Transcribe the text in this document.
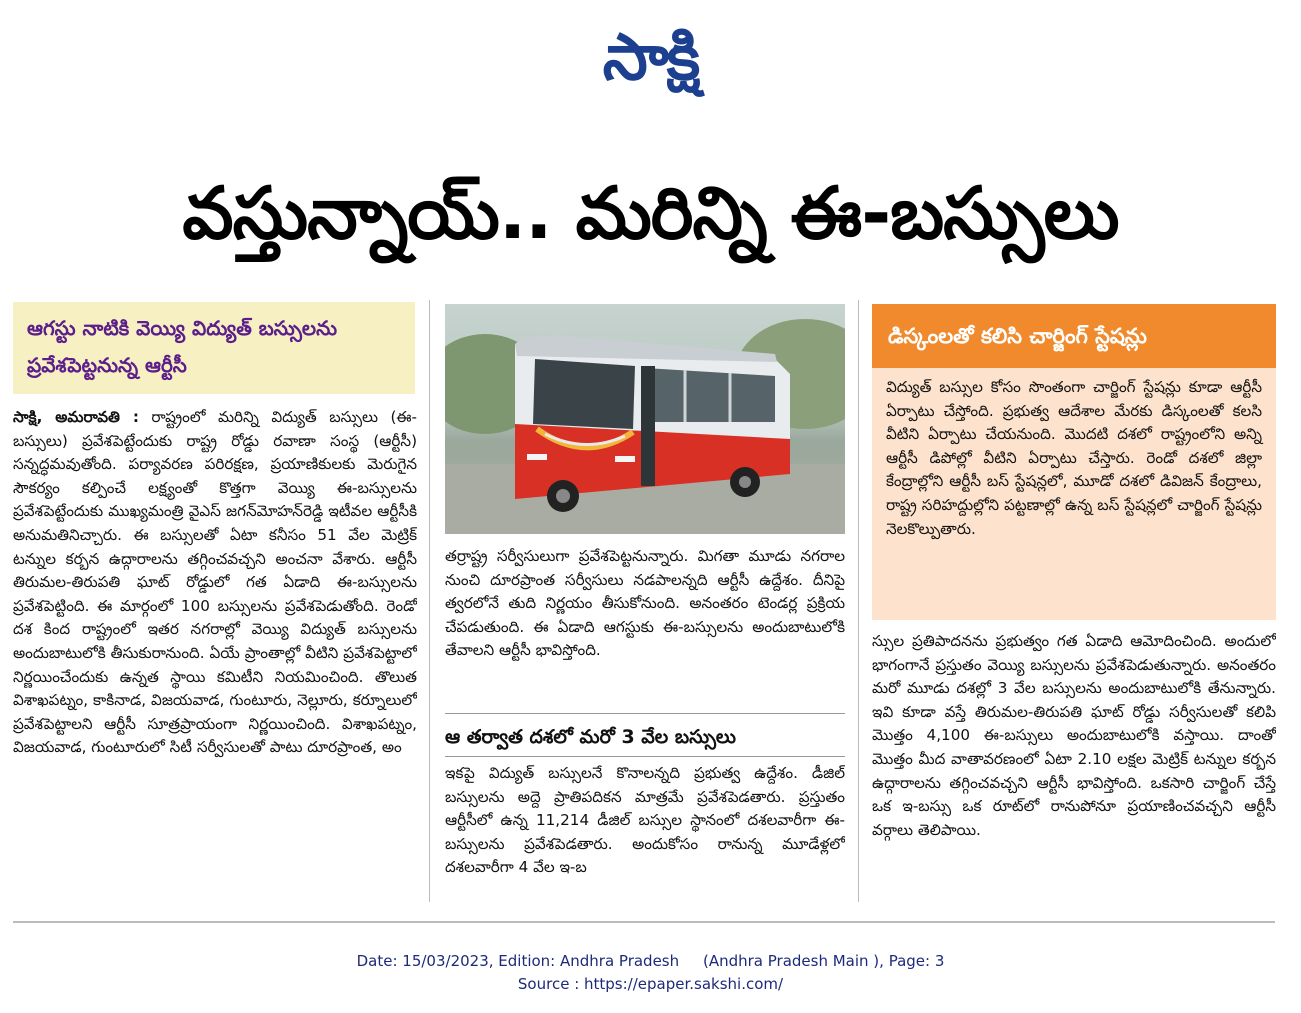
సాక్షి
వస్తున్నాయ్.. మరిన్ని ఈ-బస్సులు
ఆగస్టు నాటికి వెయ్యి విద్యుత్ బస్సులను
ప్రవేశపెట్టనున్న ఆర్టీసీ

సాక్షి, అమరావతి : రాష్ట్రంలో మరిన్ని విద్యుత్ బస్సులు (ఈ-బస్సులు) ప్రవేశపెట్టేందుకు రాష్ట్ర రోడ్డు రవాణా సంస్థ (ఆర్టీసీ) సన్నద్ధమవుతోంది. పర్యావరణ పరిరక్షణ, ప్రయాణికులకు మెరుగైన సౌకర్యం కల్పించే లక్ష్యంతో కొత్తగా వెయ్యి ఈ-బస్సులను ప్రవేశపెట్టేందుకు ముఖ్యమంత్రి వైఎస్ జగన్‌మోహన్‌రెడ్డి ఇటీవల ఆర్టీసీకి అనుమతినిచ్చారు. ఈ బస్సులతో ఏటా కనీసం 51 వేల మెట్రిక్ టన్నుల కర్బన ఉద్గారాలను తగ్గించవచ్చని అంచనా వేశారు. ఆర్టీసీ తిరుమల-తిరుపతి ఘాట్ రోడ్డులో గత ఏడాది ఈ-బస్సులను ప్రవేశపెట్టింది. ఈ మార్గంలో 100 బస్సులను ప్రవేశపెడుతోంది. రెండో దశ కింద రాష్ట్రంలో ఇతర నగరాల్లో వెయ్యి విద్యుత్ బస్సులను అందుబాటులోకి తీసుకురానుంది. ఏయే ప్రాంతాల్లో వీటిని ప్రవేశపెట్టాలో నిర్ణయించేందుకు ఉన్నత స్థాయి కమిటీని నియమించింది. తొలుత విశాఖపట్నం, కాకినాడ, విజయవాడ, గుంటూరు, నెల్లూరు, కర్నూలులో ప్రవేశపెట్టాలని ఆర్టీసీ సూత్రప్రాయంగా నిర్ణయించింది. విశాఖపట్నం, విజయవాడ, గుంటూరులో సిటీ సర్వీసులతో పాటు దూరప్రాంత, అం

తర్రాష్ట్ర సర్వీసులుగా ప్రవేశపెట్టనున్నారు. మిగతా మూడు నగరాల నుంచి దూరప్రాంత సర్వీసులు నడపాలన్నది ఆర్టీసీ ఉద్దేశం. దీనిపై త్వరలోనే తుది నిర్ణయం తీసుకోనుంది. అనంతరం టెండర్ల ప్రక్రియ చేపడుతుంది. ఈ ఏడాది ఆగస్టుకు ఈ-బస్సులను అందుబాటులోకి తేవాలని ఆర్టీసీ భావిస్తోంది.

ఆ తర్వాత దశలో మరో 3 వేల బస్సులు

ఇకపై విద్యుత్ బస్సులనే కొనాలన్నది ప్రభుత్వ ఉద్దేశం. డీజిల్ బస్సులను అద్దె ప్రాతిపదికన మాత్రమే ప్రవేశపెడతారు. ప్రస్తుతం ఆర్టీసీలో ఉన్న 11,214 డీజిల్ బస్సుల స్థానంలో దశలవారీగా ఈ-బస్సులను ప్రవేశపెడతారు. అందుకోసం రానున్న మూడేళ్లలో దశలవారీగా 4 వేల ఇ-బ

డిస్కంలతో కలిసి చార్జింగ్ స్టేషన్లు

విద్యుత్ బస్సుల కోసం సొంతంగా చార్జింగ్ స్టేషన్లు కూడా ఆర్టీసీ ఏర్పాటు చేస్తోంది. ప్రభుత్వ ఆదేశాల మేరకు డిస్కంలతో కలసి వీటిని ఏర్పాటు చేయనుంది. మొదటి దశలో రాష్ట్రంలోని అన్ని ఆర్టీసీ డిపోల్లో వీటిని ఏర్పాటు చేస్తారు. రెండో దశలో జిల్లా కేంద్రాల్లోని ఆర్టీసీ బస్ స్టేషన్లలో, మూడో దశలో డివిజన్ కేంద్రాలు, రాష్ట్ర సరిహద్దుల్లోని పట్టణాల్లో ఉన్న బస్ స్టేషన్లలో చార్జింగ్ స్టేషన్లు నెలకొల్పుతారు.

స్సుల ప్రతిపాదనను ప్రభుత్వం గత ఏడాది ఆమోదించింది. అందులో భాగంగానే ప్రస్తుతం వెయ్యి బస్సులను ప్రవేశపెడుతున్నారు. అనంతరం మరో మూడు దశల్లో 3 వేల బస్సులను అందుబాటులోకి తేనున్నారు. ఇవి కూడా వస్తే తిరుమల-తిరుపతి ఘాట్ రోడ్డు సర్వీసులతో కలిపి మొత్తం 4,100 ఈ-బస్సులు అందుబాటులోకి వస్తాయి. దాంతో మొత్తం మీద వాతావరణంలో ఏటా 2.10 లక్షల మెట్రిక్ టన్నుల కర్బన ఉద్గారాలను తగ్గించవచ్చని ఆర్టీసీ భావిస్తోంది. ఒకసారి చార్జింగ్ చేస్తే ఒక ఇ-బస్సు ఒక రూట్‌లో రానుపోనూ ప్రయాణించవచ్చని ఆర్టీసీ వర్గాలు తెలిపాయి.

Date: 15/03/2023, Edition: Andhra Pradesh     (Andhra Pradesh Main ), Page: 3
Source : https://epaper.sakshi.com/
